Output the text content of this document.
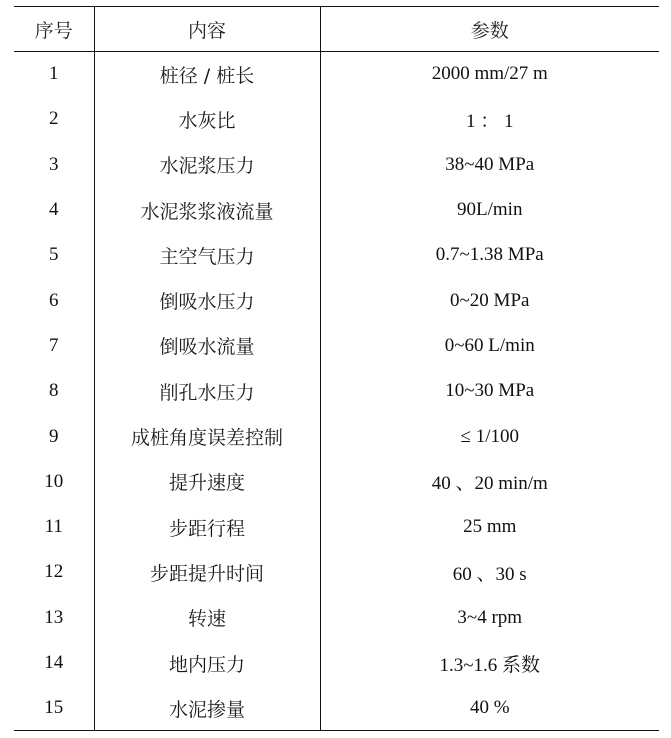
序号	内容	参数
1	桩径 / 桩长	2000 mm/27 m
2	水灰比	1 ： 1
3	水泥浆压力	38~40 MPa
4	水泥浆浆液流量	90L/min
5	主空气压力	0.7~1.38 MPa
6	倒吸水压力	0~20 MPa
7	倒吸水流量	0~60 L/min
8	削孔水压力	10~30 MPa
9	成桩角度误差控制	≤ 1/100
10	提升速度	40 、20 min/m
11	步距行程	25 mm
12	步距提升时间	60 、30 s
13	转速	3~4 rpm
14	地内压力	1.3~1.6 系数
15	水泥掺量	40 %
